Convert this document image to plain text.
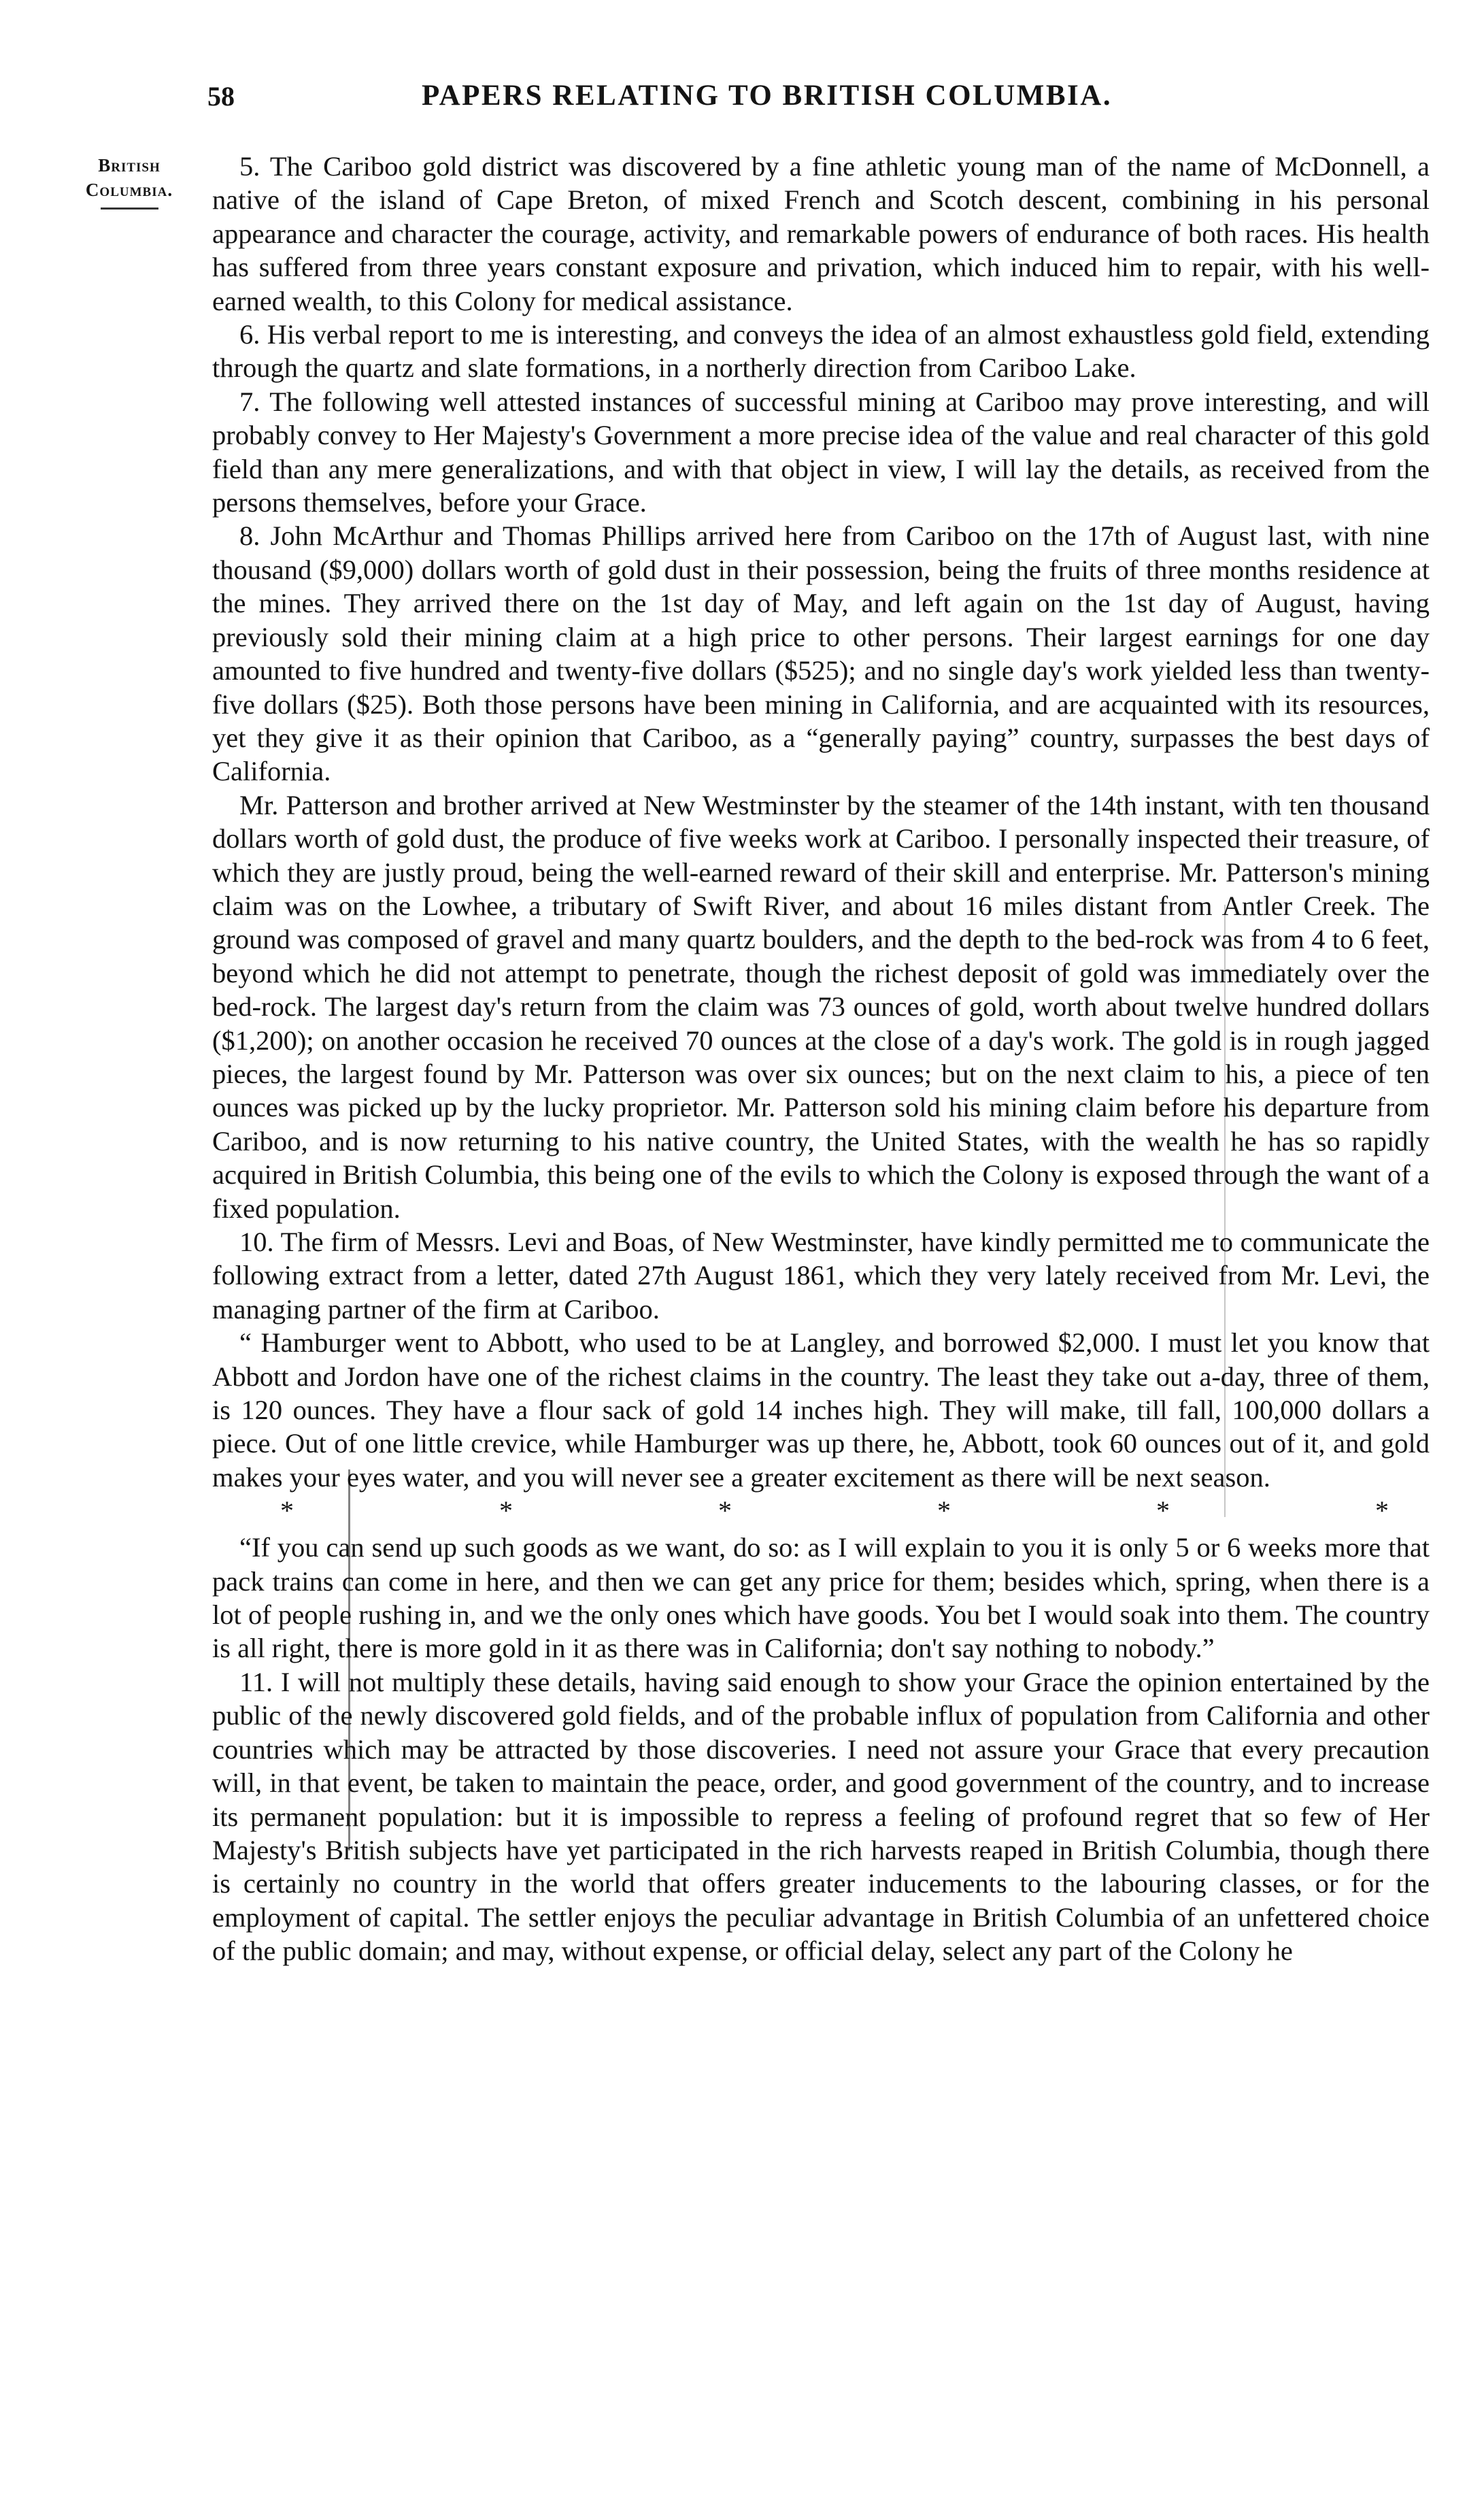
58	PAPERS RELATING TO BRITISH COLUMBIA.
British
Columbia.

5. The Cariboo gold district was discovered by a fine athletic young man of the name of McDonnell, a native of the island of Cape Breton, of mixed French and Scotch descent, combining in his personal appearance and character the courage, activity, and remarkable powers of endurance of both races. His health has suffered from three years constant exposure and privation, which induced him to repair, with his well-earned wealth, to this Colony for medical assistance.

6. His verbal report to me is interesting, and conveys the idea of an almost exhaustless gold field, extending through the quartz and slate formations, in a northerly direction from Cariboo Lake.

7. The following well attested instances of successful mining at Cariboo may prove interesting, and will probably convey to Her Majesty's Government a more precise idea of the value and real character of this gold field than any mere generalizations, and with that object in view, I will lay the details, as received from the persons themselves, before your Grace.

8. John McArthur and Thomas Phillips arrived here from Cariboo on the 17th of August last, with nine thousand ($9,000) dollars worth of gold dust in their possession, being the fruits of three months residence at the mines. They arrived there on the 1st day of May, and left again on the 1st day of August, having previously sold their mining claim at a high price to other persons. Their largest earnings for one day amounted to five hundred and twenty-five dollars ($525); and no single day's work yielded less than twenty-five dollars ($25). Both those persons have been mining in California, and are acquainted with its resources, yet they give it as their opinion that Cariboo, as a “generally paying” country, surpasses the best days of California.

Mr. Patterson and brother arrived at New Westminster by the steamer of the 14th instant, with ten thousand dollars worth of gold dust, the produce of five weeks work at Cariboo. I personally inspected their treasure, of which they are justly proud, being the well-earned reward of their skill and enterprise. Mr. Patterson's mining claim was on the Lowhee, a tributary of Swift River, and about 16 miles distant from Antler Creek. The ground was composed of gravel and many quartz boulders, and the depth to the bed-rock was from 4 to 6 feet, beyond which he did not attempt to penetrate, though the richest deposit of gold was immediately over the bed-rock. The largest day's return from the claim was 73 ounces of gold, worth about twelve hundred dollars ($1,200); on another occasion he received 70 ounces at the close of a day's work. The gold is in rough jagged pieces, the largest found by Mr. Patterson was over six ounces; but on the next claim to his, a piece of ten ounces was picked up by the lucky proprietor. Mr. Patterson sold his mining claim before his departure from Cariboo, and is now returning to his native country, the United States, with the wealth he has so rapidly acquired in British Columbia, this being one of the evils to which the Colony is exposed through the want of a fixed population.

10. The firm of Messrs. Levi and Boas, of New Westminster, have kindly permitted me to communicate the following extract from a letter, dated 27th August 1861, which they very lately received from Mr. Levi, the managing partner of the firm at Cariboo.

“ Hamburger went to Abbott, who used to be at Langley, and borrowed $2,000. I must let you know that Abbott and Jordon have one of the richest claims in the country. The least they take out a-day, three of them, is 120 ounces. They have a flour sack of gold 14 inches high. They will make, till fall, 100,000 dollars a piece. Out of one little crevice, while Hamburger was up there, he, Abbott, took 60 ounces out of it, and gold makes your eyes water, and you will never see a greater excitement as there will be next season.

*	*	*	*	*	*

“If you can send up such goods as we want, do so: as I will explain to you it is only 5 or 6 weeks more that pack trains can come in here, and then we can get any price for them; besides which, spring, when there is a lot of people rushing in, and we the only ones which have goods. You bet I would soak into them. The country is all right, there is more gold in it as there was in California; don't say nothing to nobody.”

11. I will not multiply these details, having said enough to show your Grace the opinion entertained by the public of the newly discovered gold fields, and of the probable influx of population from California and other countries which may be attracted by those discoveries. I need not assure your Grace that every precaution will, in that event, be taken to maintain the peace, order, and good government of the country, and to increase its permanent population: but it is impossible to repress a feeling of profound regret that so few of Her Majesty's British subjects have yet participated in the rich harvests reaped in British Columbia, though there is certainly no country in the world that offers greater inducements to the labouring classes, or for the employment of capital. The settler enjoys the peculiar advantage in British Columbia of an unfettered choice of the public domain; and may, without expense, or official delay, select any part of the Colony he
